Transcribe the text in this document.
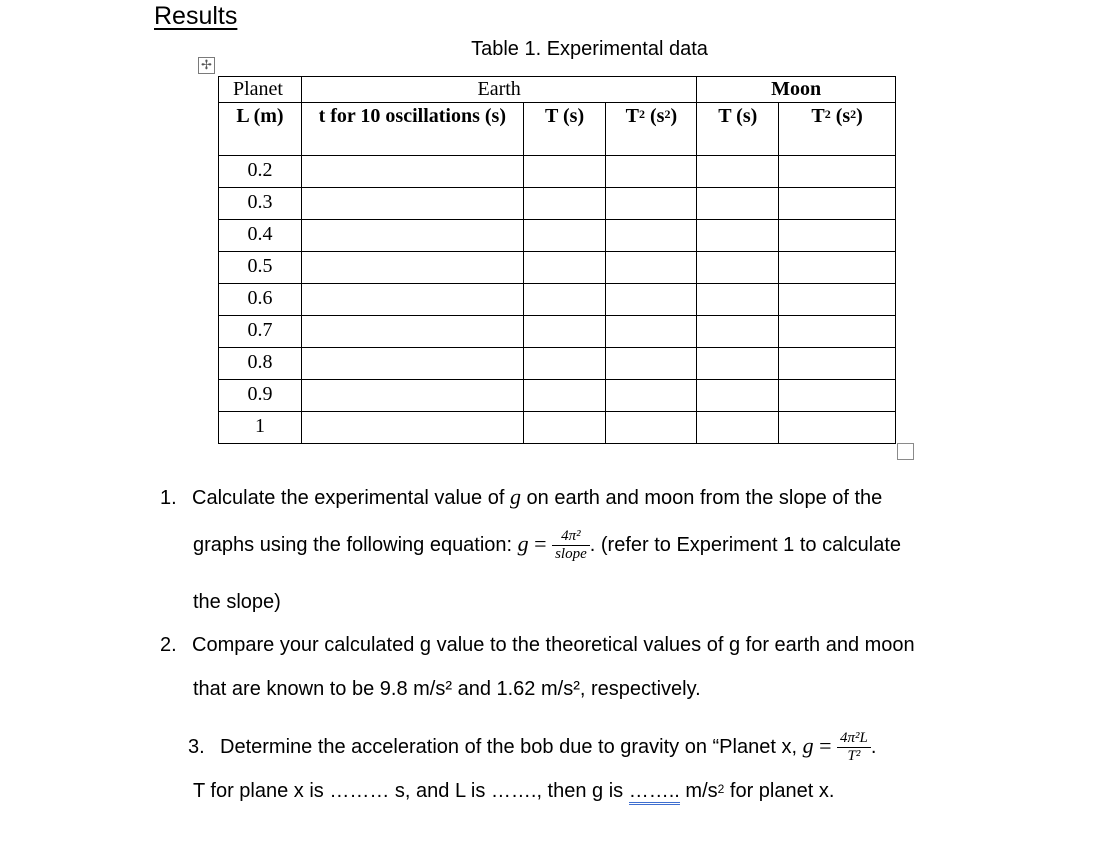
Results
Table 1. Experimental data
✢
Planet	Earth			Moon	
L (m)	t for 10 oscillations (s)	T (s)	$T^2$ $(s^2)$	T (s)	$T^2$ $(s^2)$
0.2					
0.3					
0.4					
0.5					
0.6					
0.7					
0.8					
0.9					
1					
1. Calculate the experimental value of g on earth and moon from the slope of the
graphs using the following equation: $g = \frac{\text{4π²}}{\text{slope}}$ . (refer to Experiment 1 to calculate
the slope)
2. Compare your calculated g value to the theoretical values of g for earth and moon
that are known to be 9.8 m/s² and 1.62 m/s², respectively.
3. Determine the acceleration of the bob due to gravity on “Planet x, $g = \frac{\text{4π²L}}{\text{T²}}$ .
T for plane x is ……… s, and L is ……., then g is …….. $m/s^2$ for planet x.
